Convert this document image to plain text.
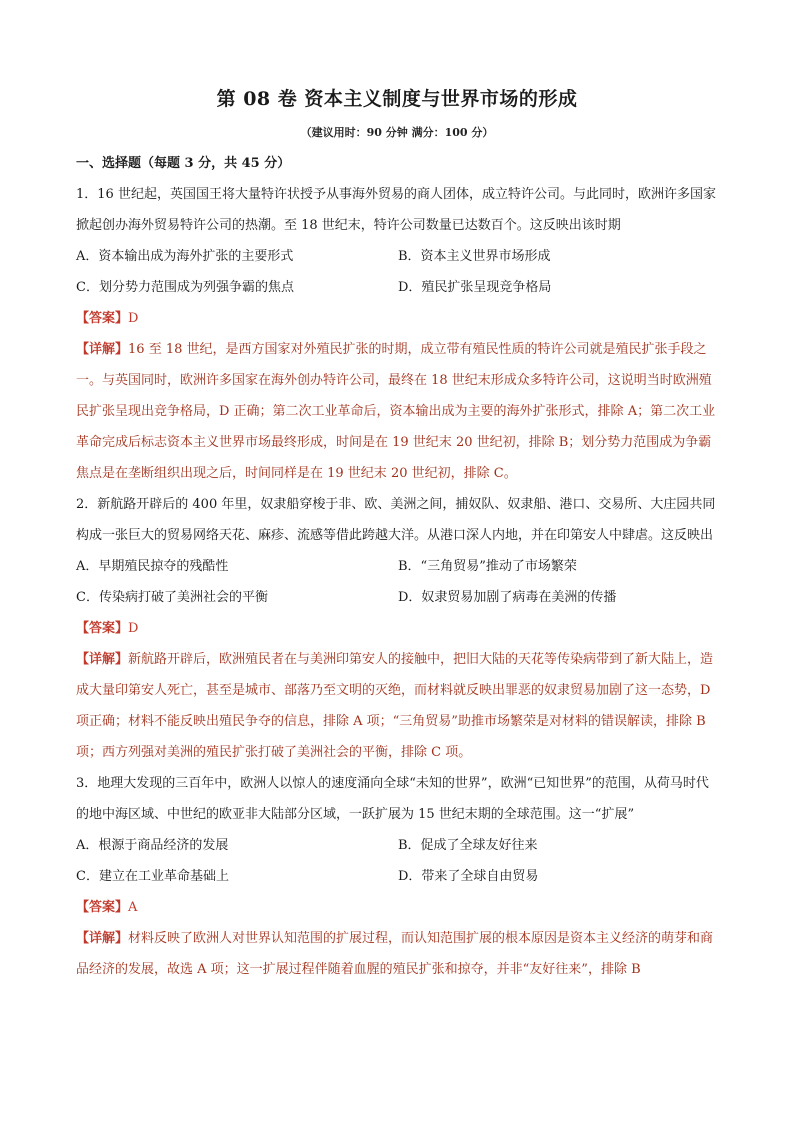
第 08 卷 资本主义制度与世界市场的形成
（建议用时：90 分钟 满分：100 分）
一、选择题（每题 3 分，共 45 分）

1．16 世纪起，英国国王将大量特许状授予从事海外贸易的商人团体，成立特许公司。与此同时，欧洲许多国家掀起创办海外贸易特许公司的热潮。至 18 世纪末，特许公司数量已达数百个。这反映出该时期

A．资本输出成为海外扩张的主要形式	B．资本主义世界市场形成
C．划分势力范围成为列强争霸的焦点	D．殖民扩张呈现竞争格局

【答案】D

【详解】16 至 18 世纪，是西方国家对外殖民扩张的时期，成立带有殖民性质的特许公司就是殖民扩张手段之一。与英国同时，欧洲许多国家在海外创办特许公司，最终在 18 世纪末形成众多特许公司，这说明当时欧洲殖民扩张呈现出竞争格局，D 正确；第二次工业革命后，资本输出成为主要的海外扩张形式，排除 A；第二次工业革命完成后标志资本主义世界市场最终形成，时间是在 19 世纪末 20 世纪初，排除 B；划分势力范围成为争霸焦点是在垄断组织出现之后，时间同样是在 19 世纪末 20 世纪初，排除 C。

2．新航路开辟后的 400 年里，奴隶船穿梭于非、欧、美洲之间，捕奴队、奴隶船、港口、交易所、大庄园共同构成一张巨大的贸易网络天花、麻疹、流感等借此跨越大洋。从港口深人内地，并在印第安人中肆虐。这反映出

A．早期殖民掠夺的残酷性	B．“三角贸易”推动了市场繁荣
C．传染病打破了美洲社会的平衡	D．奴隶贸易加剧了病毒在美洲的传播

【答案】D

【详解】新航路开辟后，欧洲殖民者在与美洲印第安人的接触中，把旧大陆的天花等传染病带到了新大陆上，造成大量印第安人死亡，甚至是城市、部落乃至文明的灭绝，而材料就反映出罪恶的奴隶贸易加剧了这一态势，D 项正确；材料不能反映出殖民争夺的信息，排除 A 项；“三角贸易”助推市场繁荣是对材料的错误解读，排除 B 项；西方列强对美洲的殖民扩张打破了美洲社会的平衡，排除 C 项。

3．地理大发现的三百年中，欧洲人以惊人的速度涌向全球“未知的世界”，欧洲“已知世界”的范围，从荷马时代的地中海区域、中世纪的欧亚非大陆部分区域，一跃扩展为 15 世纪末期的全球范围。这一“扩展”

A．根源于商品经济的发展	B．促成了全球友好往来
C．建立在工业革命基础上	D．带来了全球自由贸易

【答案】A

【详解】材料反映了欧洲人对世界认知范围的扩展过程，而认知范围扩展的根本原因是资本主义经济的萌芽和商品经济的发展，故选 A 项；这一扩展过程伴随着血腥的殖民扩张和掠夺，并非“友好往来”，排除 B
